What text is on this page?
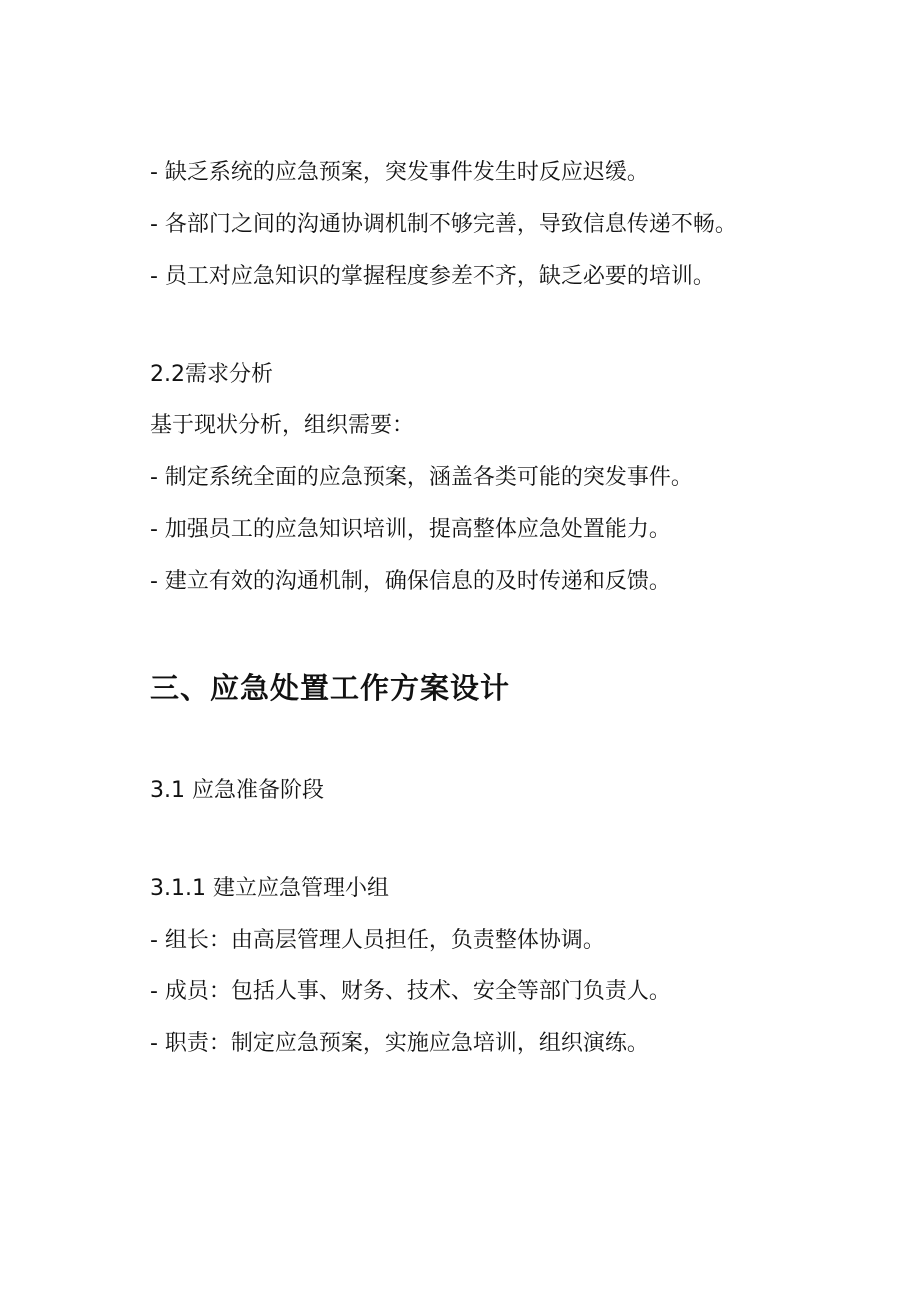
- 缺乏系统的应急预案，突发事件发生时反应迟缓。

- 各部门之间的沟通协调机制不够完善，导致信息传递不畅。

- 员工对应急知识的掌握程度参差不齐，缺乏必要的培训。

2.2需求分析

基于现状分析，组织需要：

- 制定系统全面的应急预案，涵盖各类可能的突发事件。

- 加强员工的应急知识培训，提高整体应急处置能力。

- 建立有效的沟通机制，确保信息的及时传递和反馈。

三、应急处置工作方案设计
3.1 应急准备阶段
3.1.1 建立应急管理小组

- 组长：由高层管理人员担任，负责整体协调。

- 成员：包括人事、财务、技术、安全等部门负责人。

- 职责：制定应急预案，实施应急培训，组织演练。
